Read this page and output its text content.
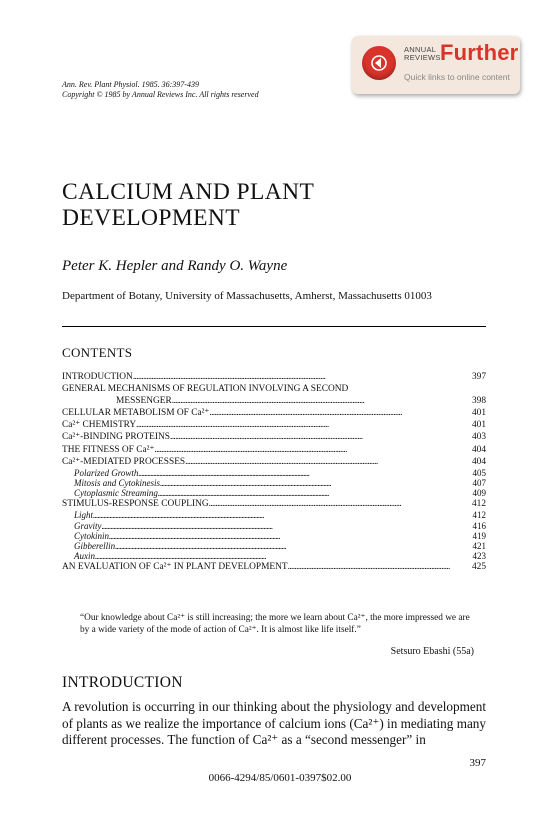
ANNUAL
REVIEWS Further
Quick links to online content
Ann. Rev. Plant Physiol. 1985. 36:397-439
Copyright © 1985 by Annual Reviews Inc. All rights reserved
CALCIUM AND PLANT
DEVELOPMENT
Peter K. Hepler and Randy O. Wayne
Department of Botany, University of Massachusetts, Amherst, Massachusetts 01003
CONTENTS
INTRODUCTION . . .	397
GENERAL MECHANISMS OF REGULATION INVOLVING A SECOND
MESSENGER . . .	398
CELLULAR METABOLISM OF Ca²⁺ . . .	401
Ca²⁺ CHEMISTRY . . .	401
Ca²⁺-BINDING PROTEINS . . .	403
THE FITNESS OF Ca²⁺ . . .	404
Ca²⁺-MEDIATED PROCESSES . . .	404
Polarized Growth . . .	405
Mitosis and Cytokinesis . . .	407
Cytoplasmic Streaming . . .	409
STIMULUS-RESPONSE COUPLING . . .	412
Light . . .	412
Gravity . . .	416
Cytokinin . . .	419
Gibberellin . . .	421
Auxin . . .	423
AN EVALUATION OF Ca²⁺ IN PLANT DEVELOPMENT . . .	425
“Our knowledge about Ca²⁺ is still increasing; the more we learn about Ca²⁺, the more impressed we are by a wide variety of the mode of action of Ca²⁺. It is almost like life itself.”
Setsuro Ebashi (55a)
INTRODUCTION
A revolution is occurring in our thinking about the physiology and development of plants as we realize the importance of calcium ions (Ca²⁺) in mediating many different processes. The function of Ca²⁺ as a “second messenger” in
397
0066-4294/85/0601-0397$02.00
